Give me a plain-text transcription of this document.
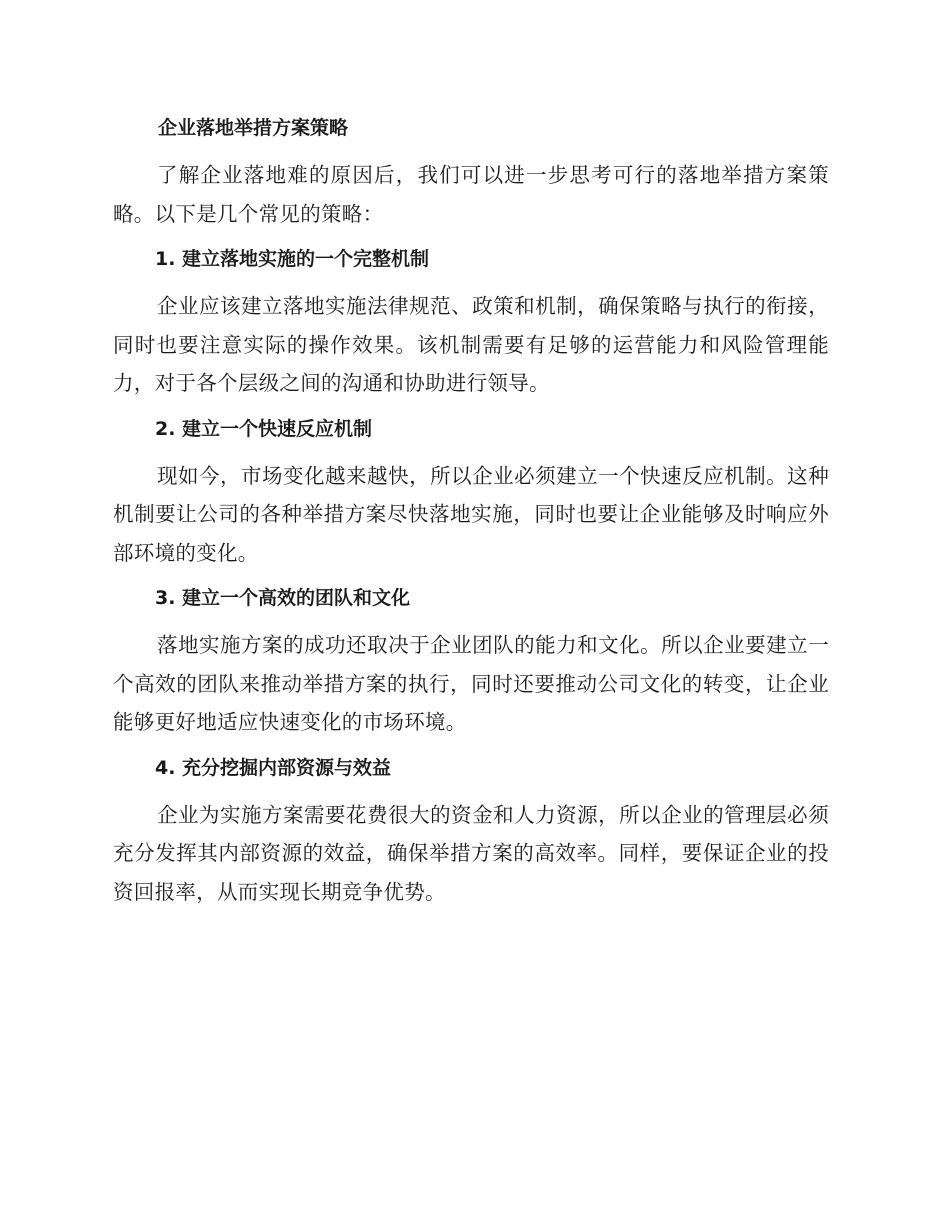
企业落地举措方案策略

了解企业落地难的原因后，我们可以进一步思考可行的落地举措方案策略。以下是几个常见的策略：

1. 建立落地实施的一个完整机制

企业应该建立落地实施法律规范、政策和机制，确保策略与执行的衔接，同时也要注意实际的操作效果。该机制需要有足够的运营能力和风险管理能力，对于各个层级之间的沟通和协助进行领导。

2. 建立一个快速反应机制

现如今，市场变化越来越快，所以企业必须建立一个快速反应机制。这种机制要让公司的各种举措方案尽快落地实施，同时也要让企业能够及时响应外部环境的变化。

3. 建立一个高效的团队和文化

落地实施方案的成功还取决于企业团队的能力和文化。所以企业要建立一个高效的团队来推动举措方案的执行，同时还要推动公司文化的转变，让企业能够更好地适应快速变化的市场环境。

4. 充分挖掘内部资源与效益

企业为实施方案需要花费很大的资金和人力资源，所以企业的管理层必须充分发挥其内部资源的效益，确保举措方案的高效率。同样，要保证企业的投资回报率，从而实现长期竞争优势。
